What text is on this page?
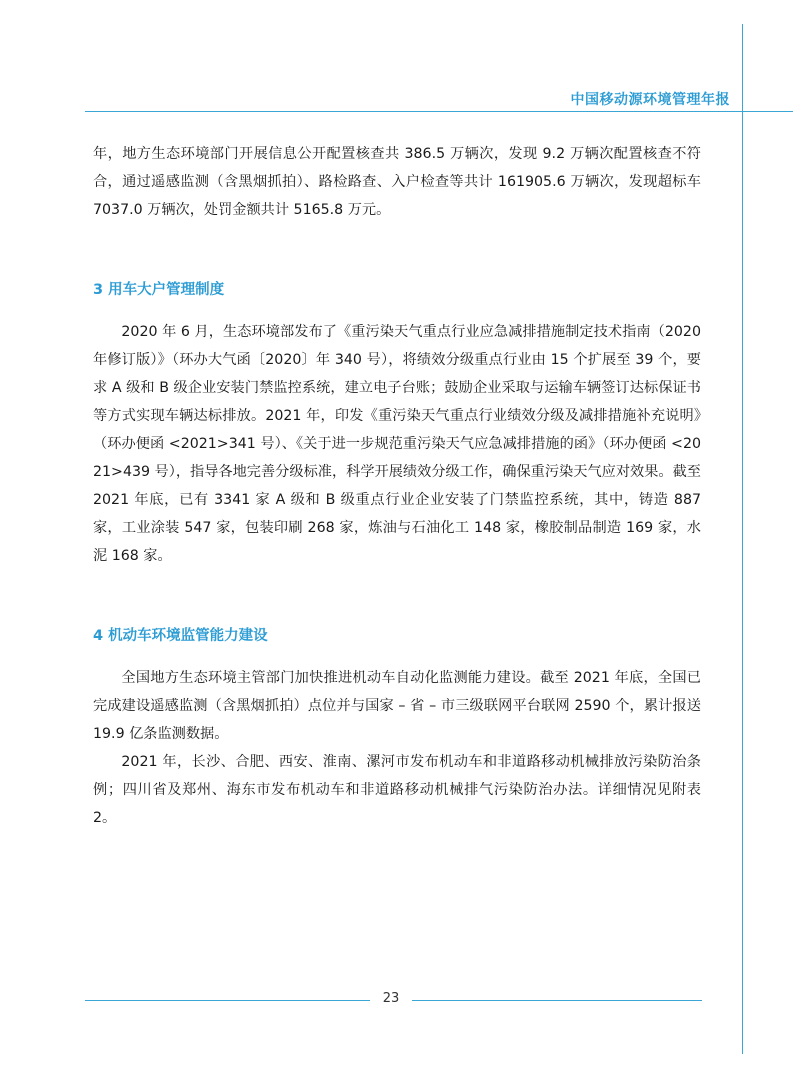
中国移动源环境管理年报

年，地方生态环境部门开展信息公开配置核查共 386.5 万辆次，发现 9.2 万辆次配置核查不符合，通过遥感监测（含黑烟抓拍）、路检路查、入户检查等共计 161905.6 万辆次，发现超标车 7037.0 万辆次，处罚金额共计 5165.8 万元。

3 用车大户管理制度

2020 年 6 月，生态环境部发布了《重污染天气重点行业应急减排措施制定技术指南（2020 年修订版）》（环办大气函〔2020〕年 340 号），将绩效分级重点行业由 15 个扩展至 39 个，要求 A 级和 B 级企业安装门禁监控系统，建立电子台账；鼓励企业采取与运输车辆签订达标保证书等方式实现车辆达标排放。2021 年，印发《重污染天气重点行业绩效分级及减排措施补充说明》（环办便函 <2021>341 号）、《关于进一步规范重污染天气应急减排措施的函》（环办便函 <2021>439 号），指导各地完善分级标准，科学开展绩效分级工作，确保重污染天气应对效果。截至 2021 年底，已有 3341 家 A 级和 B 级重点行业企业安装了门禁监控系统，其中，铸造 887 家，工业涂装 547 家，包装印刷 268 家，炼油与石油化工 148 家，橡胶制品制造 169 家，水泥 168 家。

4 机动车环境监管能力建设

全国地方生态环境主管部门加快推进机动车自动化监测能力建设。截至 2021 年底，全国已完成建设遥感监测（含黑烟抓拍）点位并与国家 – 省 – 市三级联网平台联网 2590 个，累计报送 19.9 亿条监测数据。

2021 年，长沙、合肥、西安、淮南、漯河市发布机动车和非道路移动机械排放污染防治条例；四川省及郑州、海东市发布机动车和非道路移动机械排气污染防治办法。详细情况见附表 2。

23
